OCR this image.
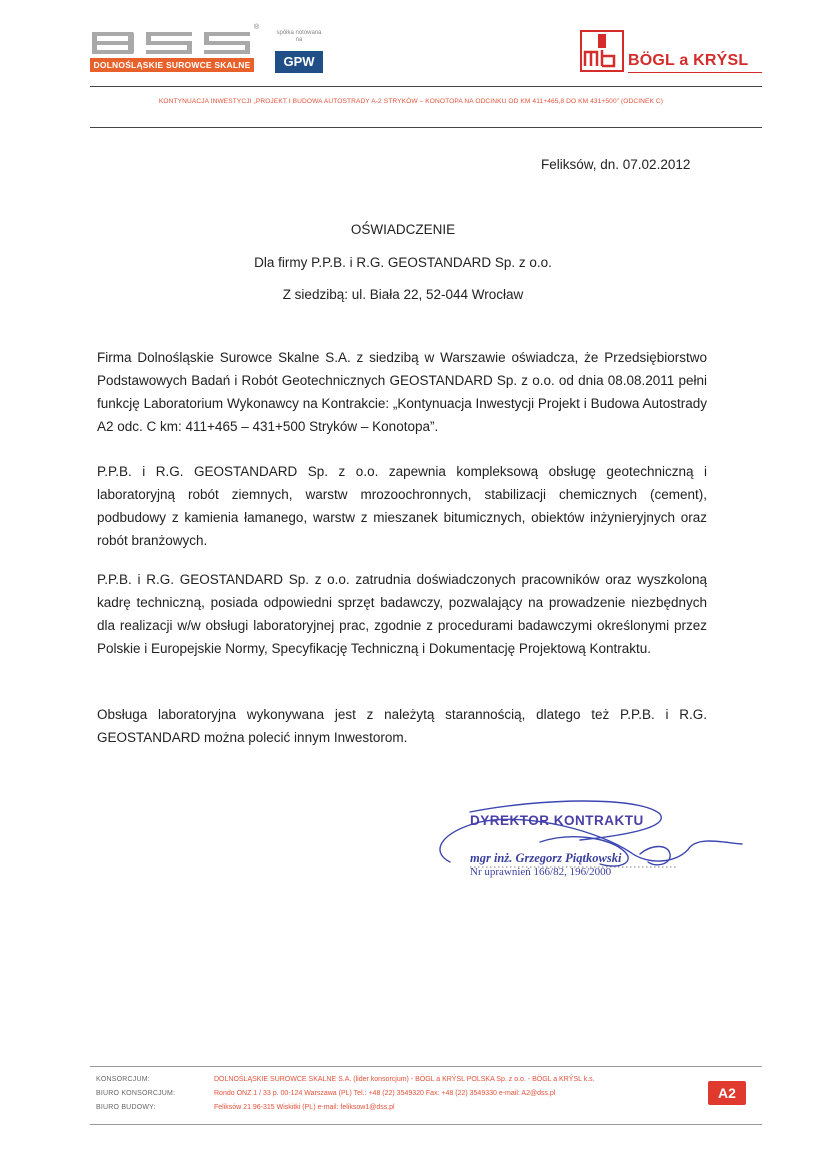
DOLNOŚLĄSKIE SUROWCE SKALNE
®
spółka notowana na
GPW	BÖGL a KRÝSL
KONTYNUACJA INWESTYCJI „PROJEKT I BUDOWA AUTOSTRADY A-2 STRYKÓW – KONOTOPA NA ODCINKU OD KM 411+465,8 DO KM 431+500” (ODCINEK C)
Feliksów, dn. 07.02.2012
OŚWIADCZENIE
Dla firmy P.P.B. i R.G. GEOSTANDARD Sp. z o.o.
Z siedzibą: ul. Biała 22, 52-044 Wrocław
Firma Dolnośląskie Surowce Skalne S.A. z siedzibą w Warszawie oświadcza, że Przedsiębiorstwo Podstawowych Badań i Robót Geotechnicznych GEOSTANDARD Sp. z o.o. od dnia 08.08.2011 pełni funkcję Laboratorium Wykonawcy na Kontrakcie: „Kontynuacja Inwestycji Projekt i Budowa Autostrady A2 odc. C km: 411+465 – 431+500 Stryków – Konotopa”.
P.P.B. i R.G. GEOSTANDARD Sp. z o.o. zapewnia kompleksową obsługę geotechniczną i laboratoryjną robót ziemnych, warstw mrozoochronnych, stabilizacji chemicznych (cement), podbudowy z kamienia łamanego, warstw z mieszanek bitumicznych, obiektów inżynieryjnych oraz robót branżowych.
P.P.B. i R.G. GEOSTANDARD Sp. z o.o. zatrudnia doświadczonych pracowników oraz wyszkoloną kadrę techniczną, posiada odpowiedni sprzęt badawczy, pozwalający na prowadzenie niezbędnych dla realizacji w/w obsługi laboratoryjnej prac, zgodnie z procedurami badawczymi określonymi przez Polskie i Europejskie Normy, Specyfikację Techniczną i Dokumentację Projektową Kontraktu.
Obsługa laboratoryjna wykonywana jest z należytą starannością, dlatego też P.P.B. i R.G. GEOSTANDARD można polecić innym Inwestorom.
DYREKTOR KONTRAKTU
mgr inż. Grzegorz Piątkowski
Nr uprawnień 166/82, 196/2000
KONSORCJUM:	DOLNOŚLĄSKIE SUROWCE SKALNE S.A. (lider konsorcjum) - BÖGL a KRÝSL POLSKA Sp. z o.o. - BÖGL a KRÝSL k.s.
BIURO KONSORCJUM:	Rondo ONZ 1 / 33 p. 00-124 Warszawa (PL) Tel.: +48 (22) 3549320 Fax: +48 (22) 3549330 e-mail: A2@dss.pl
BIURO BUDOWY:	Feliksów 21 96-315 Wiskitki (PL) e-mail: feliksow1@dss.pl
A2
